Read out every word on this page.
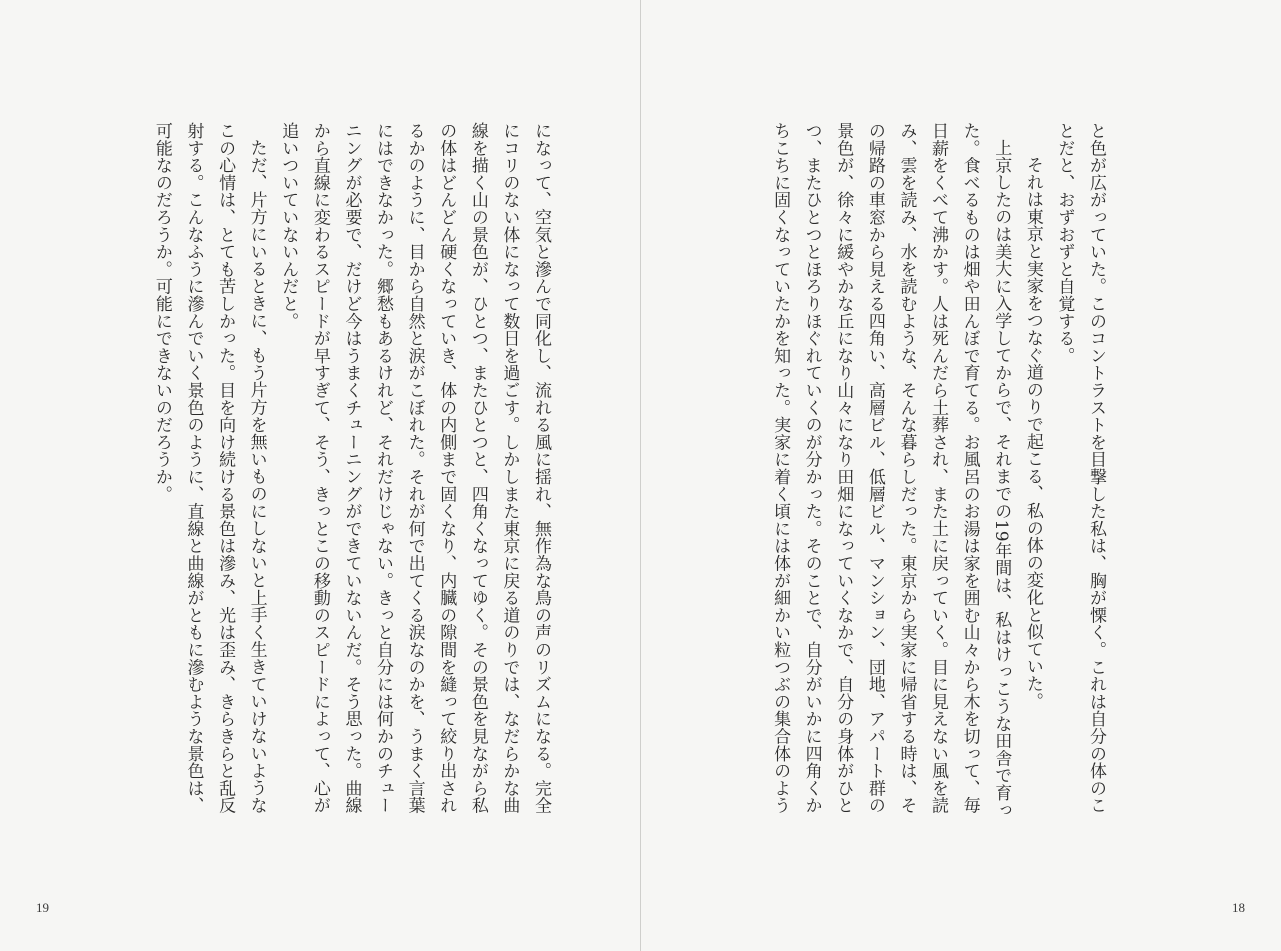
になって、空気と滲んで同化し、流れる風に揺れ、無作為な鳥の声のリズムになる。完全にコリのない体になって数日を過ごす。しかしまた東京に戻る道のりでは、なだらかな曲線を描く山の景色が、ひとつ、またひとつと、四角くなってゆく。その景色を見ながら私の体はどんどん硬くなっていき、体の内側まで固くなり、内臓の隙間を縫って絞り出されるかのように、目から自然と涙がこぼれた。それが何で出てくる涙なのかを、うまく言葉にはできなかった。郷愁もあるけれど、それだけじゃない。きっと自分には何かのチューニングが必要で、だけど今はうまくチューニングができていないんだ。そう思った。曲線から直線に変わるスピードが早すぎて、そう、きっとこの移動のスピードによって、心が追いついていないんだと。

ただ、片方にいるときに、もう片方を無いものにしないと上手く生きていけないようなこの心情は、とても苦しかった。目を向け続ける景色は滲み、光は歪み、きらきらと乱反射する。こんなふうに滲んでいく景色のように、直線と曲線がともに滲むような景色は、可能なのだろうか。可能にできないのだろうか。

19

と色が広がっていた。このコントラストを目撃した私は、胸が慄く。これは自分の体のことだと、おずおずと自覚する。

それは東京と実家をつなぐ道のりで起こる、私の体の変化と似ていた。

上京したのは美大に入学してからで、それまでの19年間は、私はけっこうな田舎で育った。食べるものは畑や田んぼで育てる。お風呂のお湯は家を囲む山々から木を切って、毎日薪をくべて沸かす。人は死んだら土葬され、また土に戻っていく。目に見えない風を読み、雲を読み、水を読むような、そんな暮らしだった。東京から実家に帰省する時は、その帰路の車窓から見える四角い、高層ビル、低層ビル、マンション、団地、アパート群の景色が、徐々に緩やかな丘になり山々になり田畑になっていくなかで、自分の身体がひとつ、またひとつとほろりほぐれていくのが分かった。そのことで、自分がいかに四角くかちこちに固くなっていたかを知った。実家に着く頃には体が細かい粒つぶの集合体のよう

18
